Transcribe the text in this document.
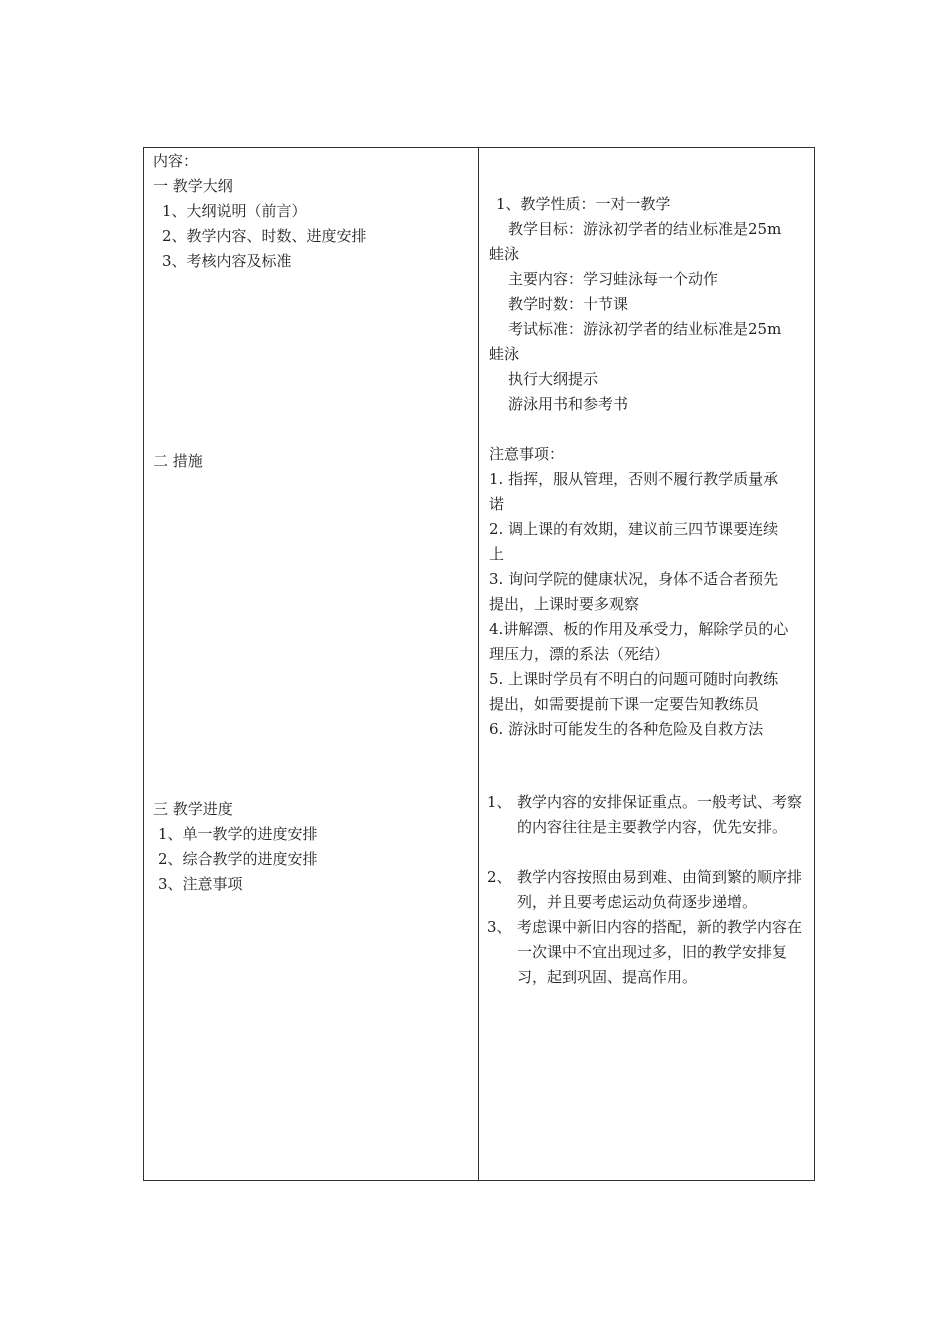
内容：
一 教学大纲
1、大纲说明（前言）
2、教学内容、时数、进度安排
3、考核内容及标准
二 措施
三 教学进度
1、单一教学的进度安排
2、综合教学的进度安排
3、注意事项
1、教学性质：一对一教学
教学目标：游泳初学者的结业标准是25m
蛙泳
主要内容：学习蛙泳每一个动作
教学时数：十节课
考试标准：游泳初学者的结业标准是25m
蛙泳
执行大纲提示
游泳用书和参考书
注意事项：
1. 指挥，服从管理，否则不履行教学质量承
诺
2. 调上课的有效期，建议前三四节课要连续
上
3. 询问学院的健康状况，身体不适合者预先
提出，上课时要多观察
4.讲解漂、板的作用及承受力，解除学员的心
理压力，漂的系法（死结）
5. 上课时学员有不明白的问题可随时向教练
提出，如需要提前下课一定要告知教练员
6. 游泳时可能发生的各种危险及自救方法
1、 教学内容的安排保证重点。一般考试、考察的内容往往是主要教学内容，优先安排。
2、 教学内容按照由易到难、由简到繁的顺序排列，并且要考虑运动负荷逐步递增。
3、 考虑课中新旧内容的搭配，新的教学内容在一次课中不宜出现过多，旧的教学安排复习，起到巩固、提高作用。
